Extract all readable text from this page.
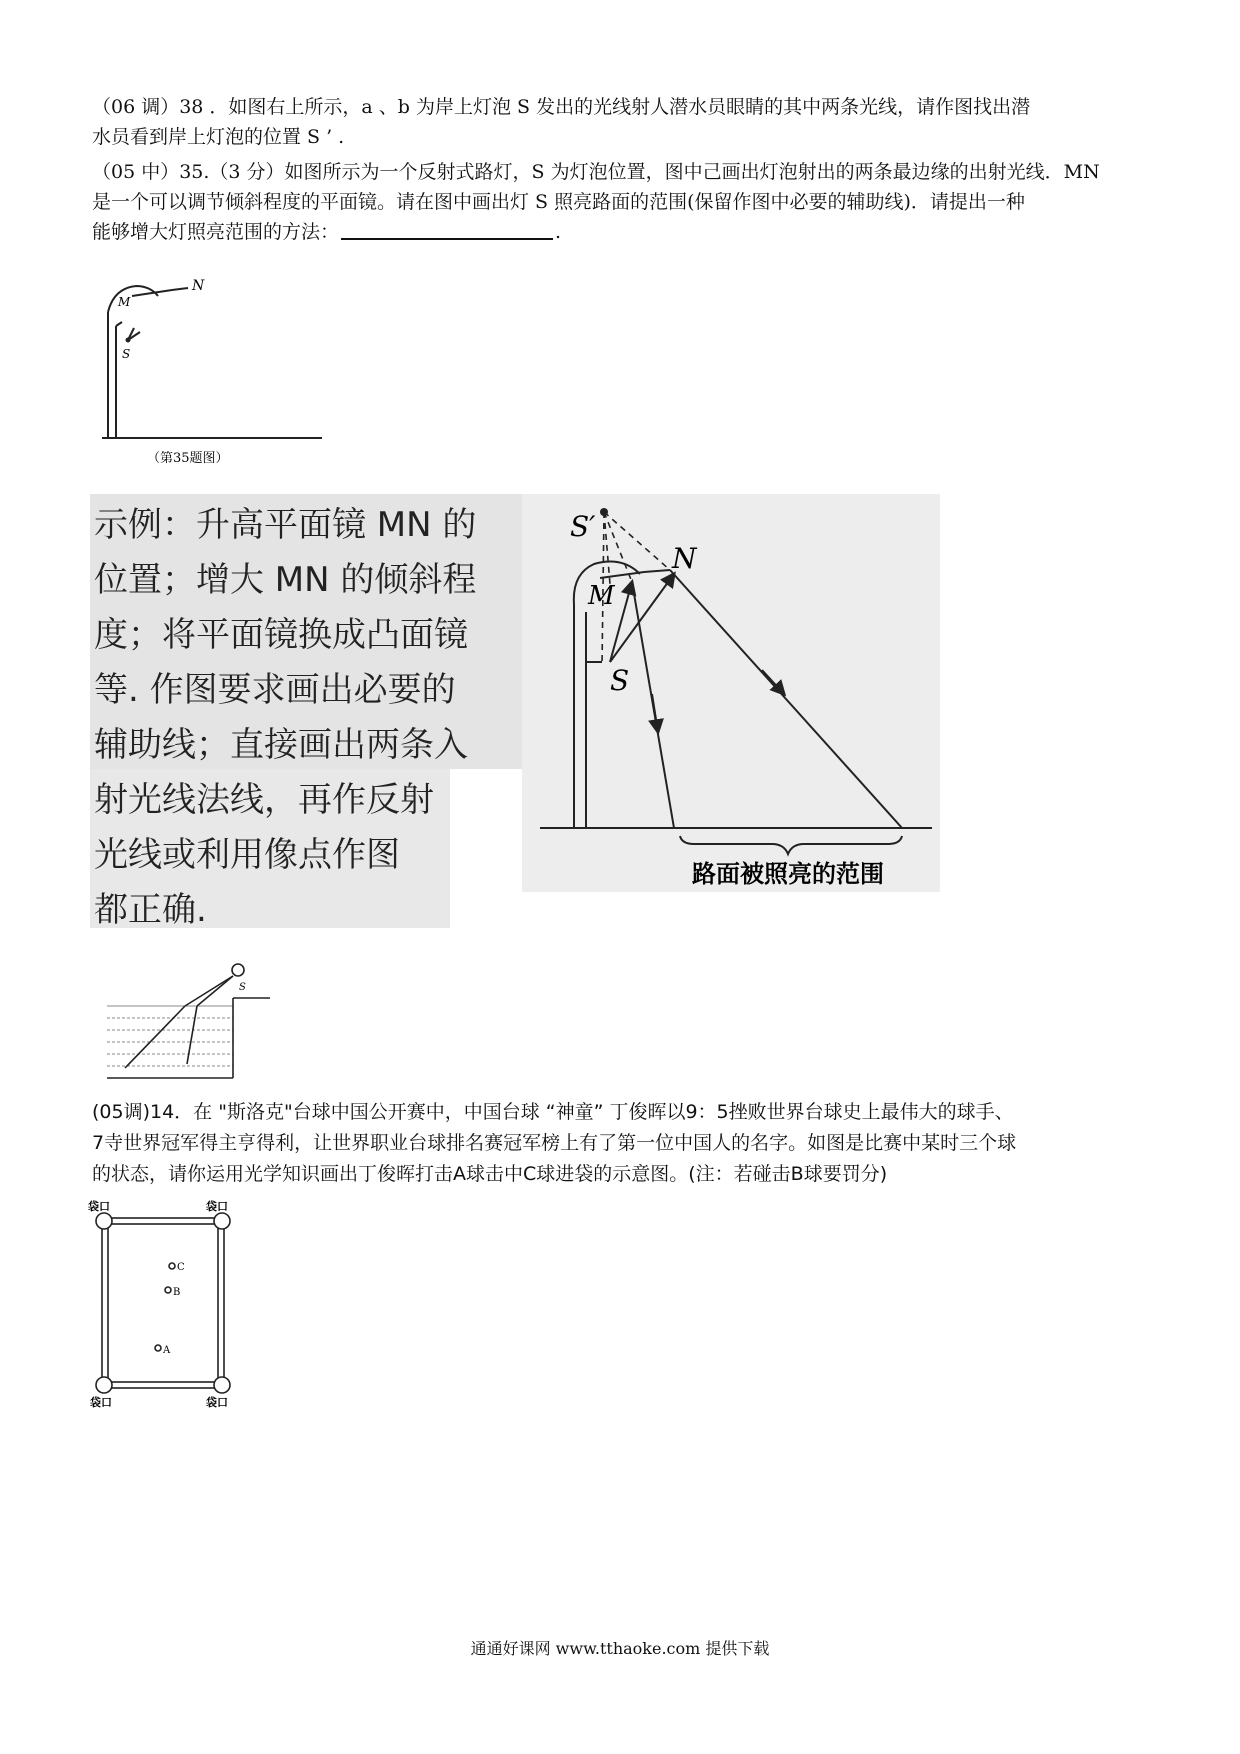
（06 调）38 ．如图右上所示，a 、b 为岸上灯泡 S 发出的光线射人潜水员眼睛的其中两条光线，请作图找出潜
水员看到岸上灯泡的位置 S ’ .
（05 中）35.（3 分）如图所示为一个反射式路灯，S 为灯泡位置，图中己画出灯泡射出的两条最边缘的出射光线．MN
是一个可以调节倾斜程度的平面镜。请在图中画出灯 S 照亮路面的范围(保留作图中必要的辅助线)．请提出一种
能够增大灯照亮范围的方法：	.
N
M
S
（第35题图）
示例：升高平面镜 MN 的
位置；增大 MN 的倾斜程
度；将平面镜换成凸面镜
等. 作图要求画出必要的
辅助线；直接画出两条入
射光线法线，再作反射
光线或利用像点作图
都正确.
S′
N
M
S
路面被照亮的范围
S
(05调)14．在 "斯洛克"台球中国公开赛中，中国台球 “神童” 丁俊晖以9：5挫败世界台球史上最伟大的球手、
7寺世界冠军得主亨得利，让世界职业台球排名赛冠军榜上有了第一位中国人的名字。如图是比赛中某时三个球
的状态，请你运用光学知识画出丁俊晖打击A球击中C球进袋的示意图。(注：若碰击B球要罚分)
袋口	袋口
袋口	袋口
C
B
A
通通好课网 www.tthaoke.com 提供下载
